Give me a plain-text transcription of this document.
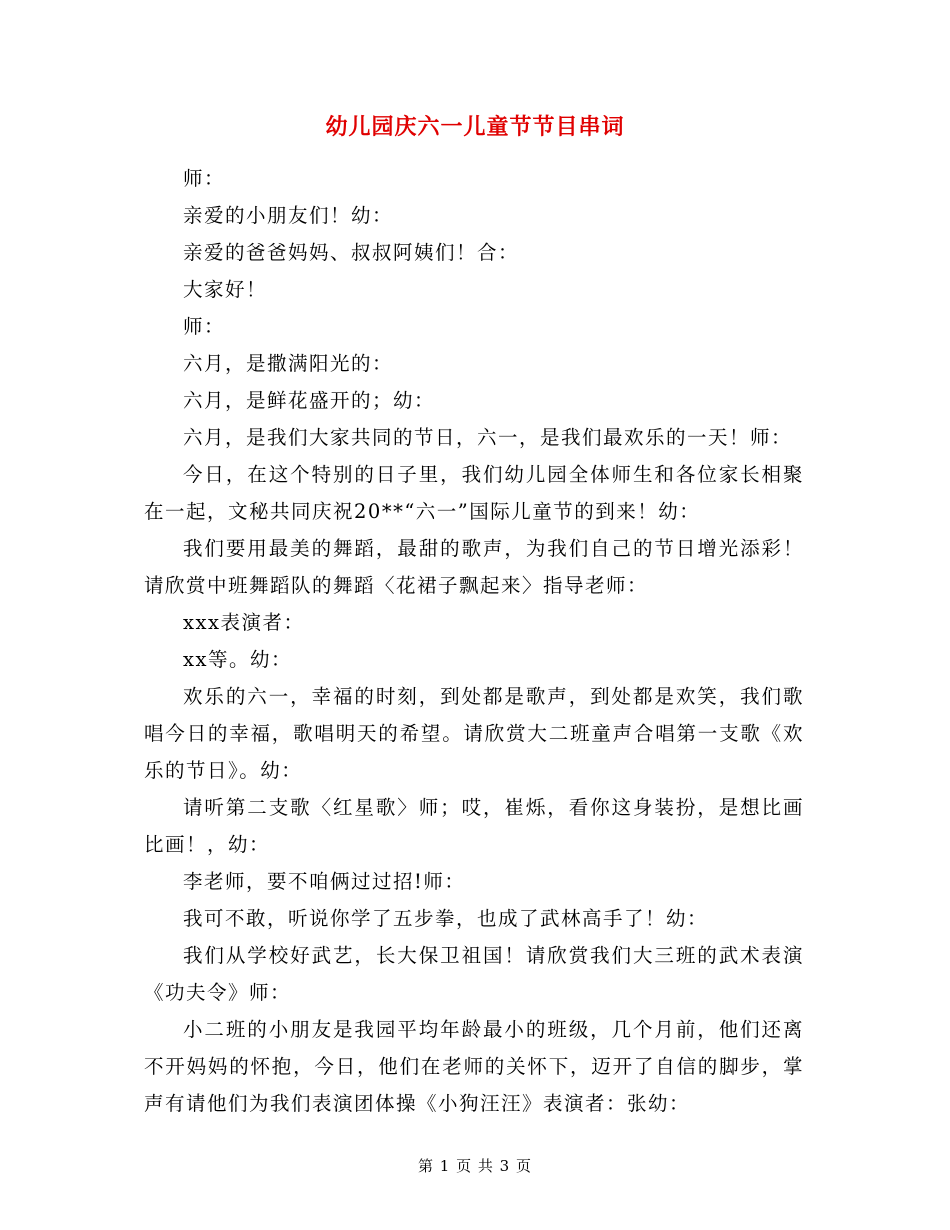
幼儿园庆六一儿童节节目串词

师：

亲爱的小朋友们！幼：

亲爱的爸爸妈妈、叔叔阿姨们！合：

大家好！

师：

六月，是撒满阳光的：

六月，是鲜花盛开的；幼：

六月，是我们大家共同的节日，六一，是我们最欢乐的一天！师：

今日，在这个特别的日子里，我们幼儿园全体师生和各位家长相聚在一起，文秘共同庆祝20**“六一”国际儿童节的到来！幼：

我们要用最美的舞蹈，最甜的歌声，为我们自己的节日增光添彩！请欣赏中班舞蹈队的舞蹈〈花裙子飘起来〉指导老师：

xxx表演者：

xx等。幼：

欢乐的六一，幸福的时刻，到处都是歌声，到处都是欢笑，我们歌唱今日的幸福，歌唱明天的希望。请欣赏大二班童声合唱第一支歌《欢乐的节日》。幼：

请听第二支歌〈红星歌〉师；哎，崔烁，看你这身装扮，是想比画比画！，幼：

李老师，要不咱俩过过招!师：

我可不敢，听说你学了五步拳，也成了武林高手了！幼：

我们从学校好武艺，长大保卫祖国！请欣赏我们大三班的武术表演《功夫令》师：

小二班的小朋友是我园平均年龄最小的班级，几个月前，他们还离不开妈妈的怀抱，今日，他们在老师的关怀下，迈开了自信的脚步，掌声有请他们为我们表演团体操《小狗汪汪》表演者：张幼：

第 1 页 共 3 页
